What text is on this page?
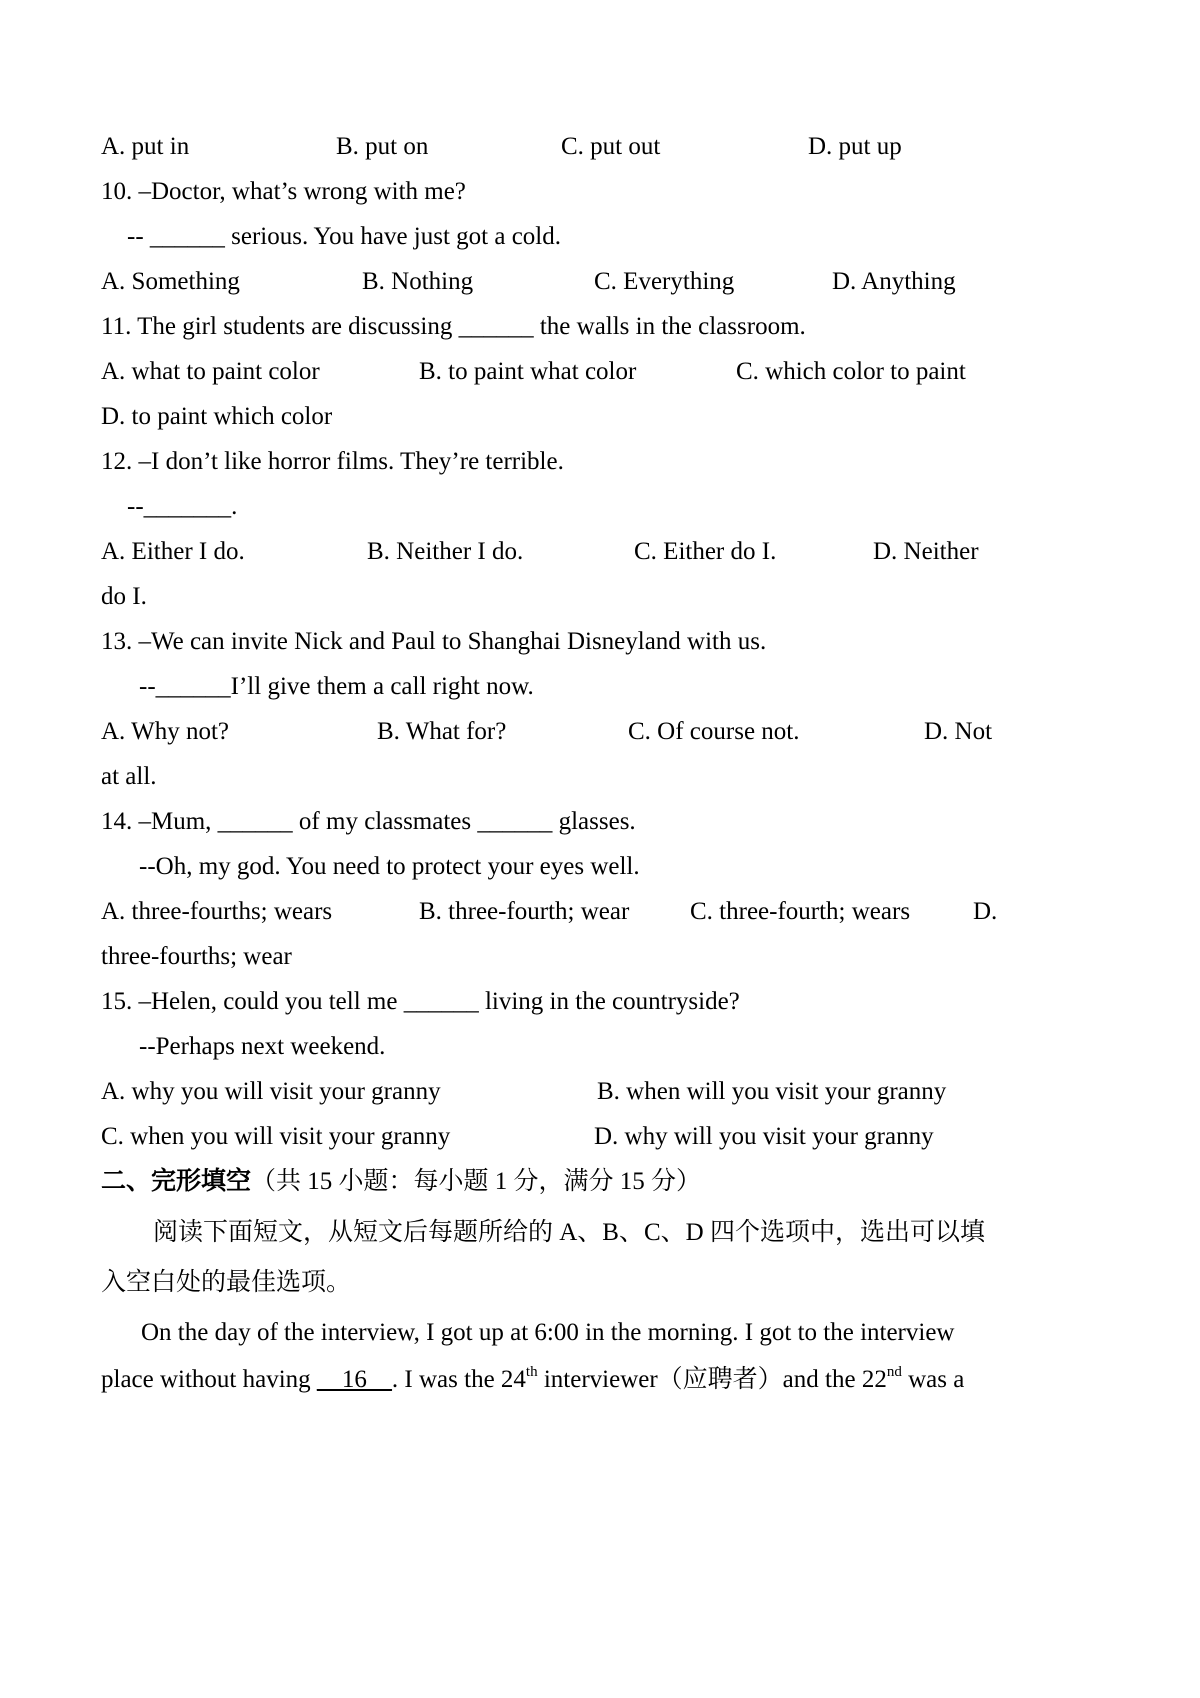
A. put in	B. put on	C. put out	D. put up
10. –Doctor, what’s wrong with me?
-- ______ serious. You have just got a cold.
A. Something	B. Nothing	C. Everything	D. Anything
11. The girl students are discussing ______ the walls in the classroom.
A. what to paint color	B. to paint what color	C. which color to paint
D. to paint which color
12. –I don’t like horror films. They’re terrible.
--_______.
A. Either I do.	B. Neither I do.	C. Either do I.	D. Neither
do I.
13. –We can invite Nick and Paul to Shanghai Disneyland with us.
--______I’ll give them a call right now.
A. Why not?	B. What for?	C. Of course not.	D. Not
at all.
14. –Mum, ______ of my classmates ______ glasses.
--Oh, my god. You need to protect your eyes well.
A. three-fourths; wears	B. three-fourth; wear C. three-fourth; wears	D.
three-fourths; wear
15. –Helen, could you tell me ______ living in the countryside?
--Perhaps next weekend.
A. why you will visit your granny	B. when will you visit your granny
C. when you will visit your granny	D. why will you visit your granny
二、完形填空（共 15 小题：每小题 1 分，满分 15 分）
阅读下面短文，从短文后每题所给的 A、B、C、D 四个选项中，选出可以填
入空白处的最佳选项。
On the day of the interview, I got up at 6:00 in the morning. I got to the interview
place without having __16__. I was the 24th interviewer（应聘者）and the 22nd was a
